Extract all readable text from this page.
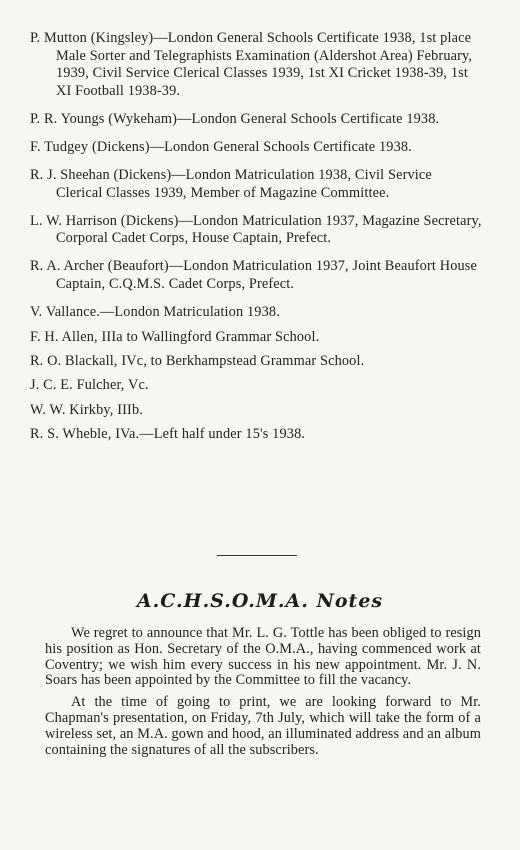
P. Mutton (Kingsley)—London General Schools Certificate 1938, 1st place Male Sorter and Telegraphists Examination (Aldershot Area) February, 1939, Civil Service Clerical Classes 1939, 1st XI Cricket 1938-39, 1st XI Football 1938-39.

P. R. Youngs (Wykeham)—London General Schools Certificate 1938.

F. Tudgey (Dickens)—London General Schools Certificate 1938.

R. J. Sheehan (Dickens)—London Matriculation 1938, Civil Service Clerical Classes 1939, Member of Magazine Committee.

L. W. Harrison (Dickens)—London Matriculation 1937, Magazine Secretary, Corporal Cadet Corps, House Captain, Prefect.

R. A. Archer (Beaufort)—London Matriculation 1937, Joint Beaufort House Captain, C.Q.M.S. Cadet Corps, Prefect.

V. Vallance.—London Matriculation 1938.

F. H. Allen, IIIa to Wallingford Grammar School.

R. O. Blackall, IVc, to Berkhampstead Grammar School.

J. C. E. Fulcher, Vc.

W. W. Kirkby, IIIb.

R. S. Wheble, IVa.—Left half under 15's 1938.

A.C.H.S.O.M.A. Notes

We regret to announce that Mr. L. G. Tottle has been obliged to resign his position as Hon. Secretary of the O.M.A., having commenced work at Coventry; we wish him every success in his new appointment. Mr. J. N. Soars has been appointed by the Committee to fill the vacancy.

At the time of going to print, we are looking forward to Mr. Chapman's presentation, on Friday, 7th July, which will take the form of a wireless set, an M.A. gown and hood, an illuminated address and an album containing the signatures of all the subscribers.
